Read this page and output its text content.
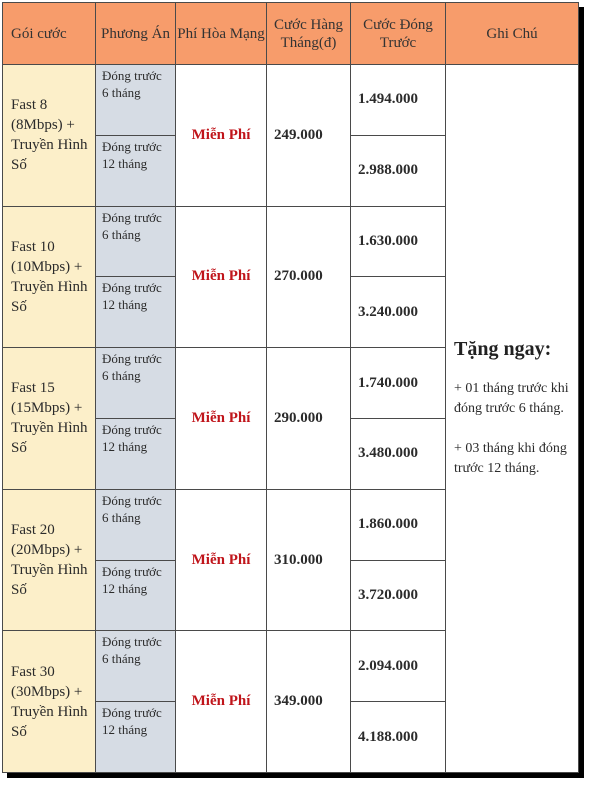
Gói cước	Phương Án	Phí Hòa Mạng	Cước Hàng Tháng(đ)	Cước Đóng Trước	Ghi Chú
Fast 8 (8Mbps) + Truyền Hình Số	Đóng trước 6 tháng	Miễn Phí	249.000	1.494.000	Tặng ngay:
+ 01 tháng trước khi đóng trước 6 tháng.
+ 03 tháng khi đóng trước 12 tháng.

	Đóng trước 12 tháng			2.988.000	
Fast 10 (10Mbps) + Truyền Hình Số	Đóng trước 6 tháng	Miễn Phí	270.000	1.630.000	
	Đóng trước 12 tháng			3.240.000	
Fast 15 (15Mbps) + Truyền Hình Số	Đóng trước 6 tháng	Miễn Phí	290.000	1.740.000	
	Đóng trước 12 tháng			3.480.000	
Fast 20 (20Mbps) + Truyền Hình Số	Đóng trước 6 tháng	Miễn Phí	310.000	1.860.000	
	Đóng trước 12 tháng			3.720.000	
Fast 30 (30Mbps) + Truyền Hình Số	Đóng trước 6 tháng	Miễn Phí	349.000	2.094.000	
	Đóng trước 12 tháng			4.188.000	
